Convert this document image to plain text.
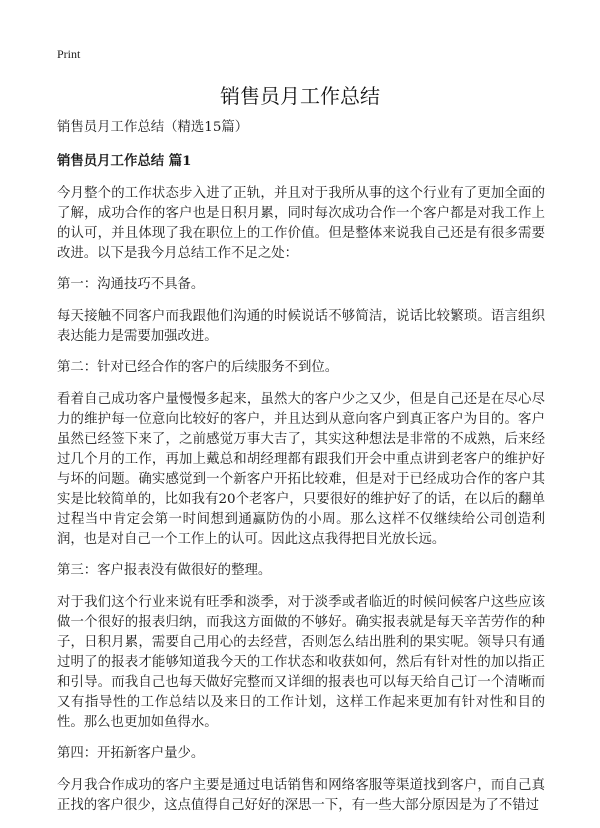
Print
销售员月工作总结

销售员月工作总结（精选15篇）

销售员月工作总结 篇1

今月整个的工作状态步入进了正轨，并且对于我所从事的这个行业有了更加全面的了解，成功合作的客户也是日积月累，同时每次成功合作一个客户都是对我工作上的认可，并且体现了我在职位上的工作价值。但是整体来说我自己还是有很多需要改进。以下是我今月总结工作不足之处：

第一：沟通技巧不具备。

每天接触不同客户而我跟他们沟通的时候说话不够简洁，说话比较繁琐。语言组织表达能力是需要加强改进。

第二：针对已经合作的客户的后续服务不到位。

看着自己成功客户量慢慢多起来，虽然大的客户少之又少，但是自己还是在尽心尽力的维护每一位意向比较好的客户，并且达到从意向客户到真正客户为目的。客户虽然已经签下来了，之前感觉万事大吉了，其实这种想法是非常的不成熟，后来经过几个月的工作，再加上戴总和胡经理都有跟我们开会中重点讲到老客户的维护好与坏的问题。确实感觉到一个新客户开拓比较难，但是对于已经成功合作的客户其实是比较简单的，比如我有20个老客户，只要很好的维护好了的话，在以后的翻单过程当中肯定会第一时间想到通赢防伪的小周。那么这样不仅继续给公司创造利润，也是对自己一个工作上的认可。因此这点我得把目光放长远。

第三：客户报表没有做很好的整理。

对于我们这个行业来说有旺季和淡季，对于淡季或者临近的时候问候客户这些应该做一个很好的报表归纳，而我这方面做的不够好。确实报表就是每天辛苦劳作的种子，日积月累，需要自己用心的去经营，否则怎么结出胜利的果实呢。领导只有通过明了的报表才能够知道我今天的工作状态和收获如何，然后有针对性的加以指正和引导。而我自己也每天做好完整而又详细的报表也可以每天给自己订一个清晰而又有指导性的工作总结以及来日的工作计划，这样工作起来更加有针对性和目的性。那么也更加如鱼得水。

第四：开拓新客户量少。

今月我合作成功的客户主要是通过电话销售和网络客服等渠道找到客户，而自己真正找的客户很少，这点值得自己好好的深思一下，有一些大部分原因是为了不错过
